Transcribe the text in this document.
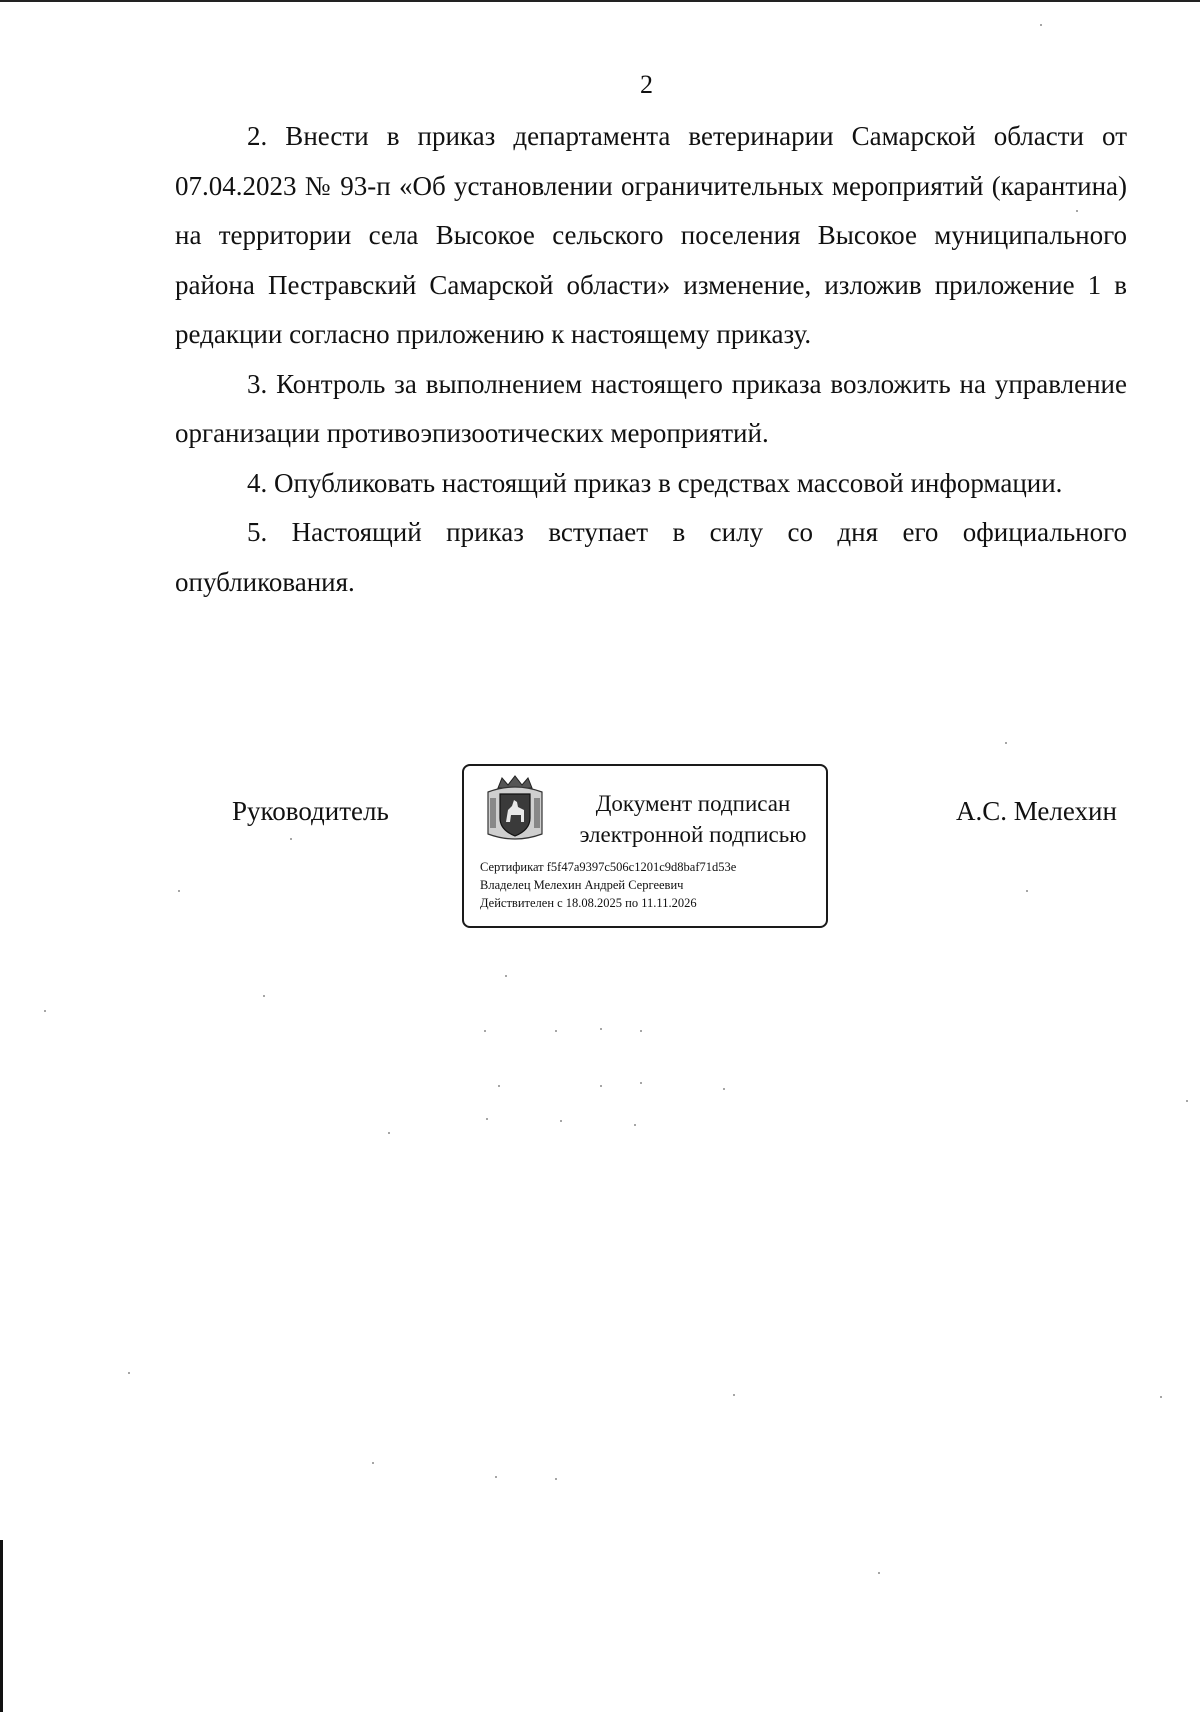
2

2. Внести в приказ департамента ветеринарии Самарской области от 07.04.2023 № 93-п «Об установлении ограничительных мероприятий (карантина) на территории села Высокое сельского поселения Высокое муниципального района Пестравский Самарской области» изменение, изложив приложение 1 в редакции согласно приложению к настоящему приказу.

3. Контроль за выполнением настоящего приказа возложить на управление организации противоэпизоотических мероприятий.

4. Опубликовать настоящий приказ в средствах массовой информации.

5. Настоящий приказ вступает в силу со дня его официального опубликования.

Руководитель	Документ подписан
электронной подписью
Сертификат f5f47a9397c506c1201c9d8baf71d53e
Владелец Мелехин Андрей Сергеевич
Действителен с 18.08.2025 по 11.11.2026
А.С. Мелехин
